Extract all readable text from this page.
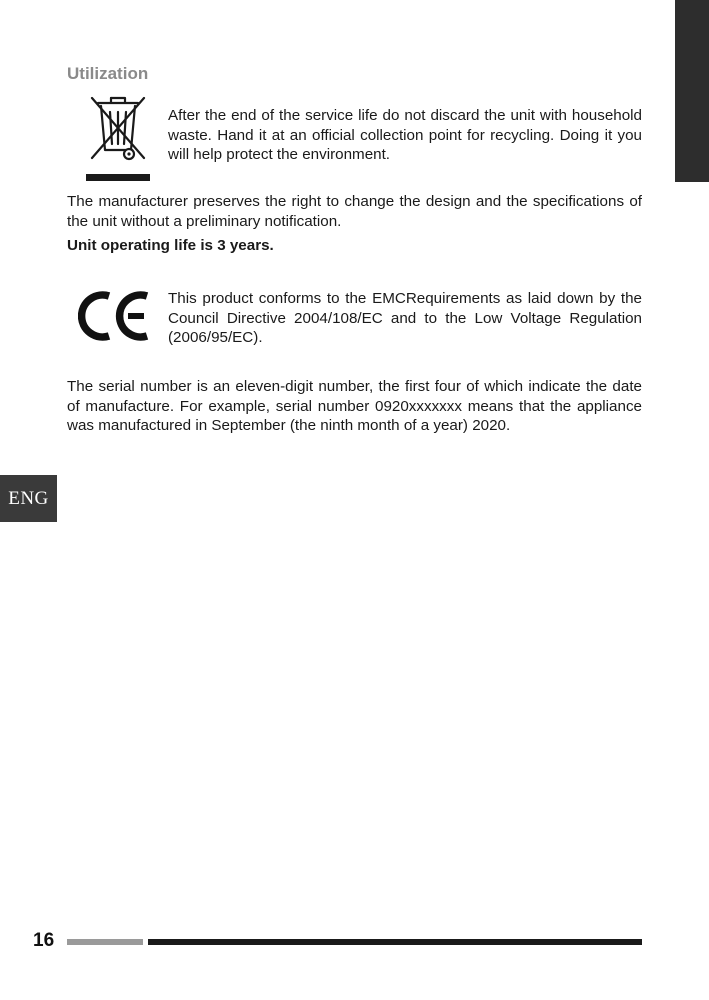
ENG
Utilization

After the end of the service life do not discard the unit with household waste. Hand it at an official collection point for recycling. Doing it you will help protect the environment.

The manufacturer preserves the right to change the design and the specifications of the unit without a preliminary notification.

Unit operating life is 3 years.

This product conforms to the EMCRequirements as laid down by the Council Directive 2004/108/EC and to the Low Voltage Regulation (2006/95/EC).

The serial number is an eleven-digit number, the first four of which indicate the date of manufacture. For example, serial number 0920xxxxxxx means that the appliance was manufactured in September (the ninth month of a year) 2020.

16
